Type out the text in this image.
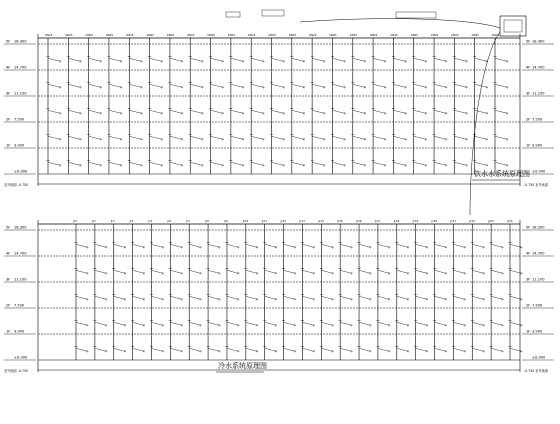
饮水水系统原理图
冷水系统原理图
5F 18.300	5F 18.300
4F 14.700	4F 14.700
3F 11.100	3F 11.100
2F 7.500	2F 7.500
1F 3.900	1F 3.900
±0.000	±0.000
DN25	DN25	DN25	DN25	DN25	DN25	DN25	DN25	DN25	DN25	DN25	DN25	DN25	DN25	DN25	DN25	DN25	DN25	DN25	DN25	DN25	DN25	DN25
室外地面 -0.750	-0.750 室外地面
5F 18.300	5F 18.300
4F 14.700	4F 14.700
3F 11.100	3F 11.100
2F 7.500	2F 7.500
1F 3.900	1F 3.900
±0.000	±0.000
JL1	JL2	JL3	JL4	JL5	JL6	JL7	JL8	JL9	JL10	JL11	JL12	JL13	JL14	JL15	JL16	JL17	JL18	JL19	JL20	JL21	JL22	JL23	JL24
室外地面 -0.750	-0.750 室外地面
